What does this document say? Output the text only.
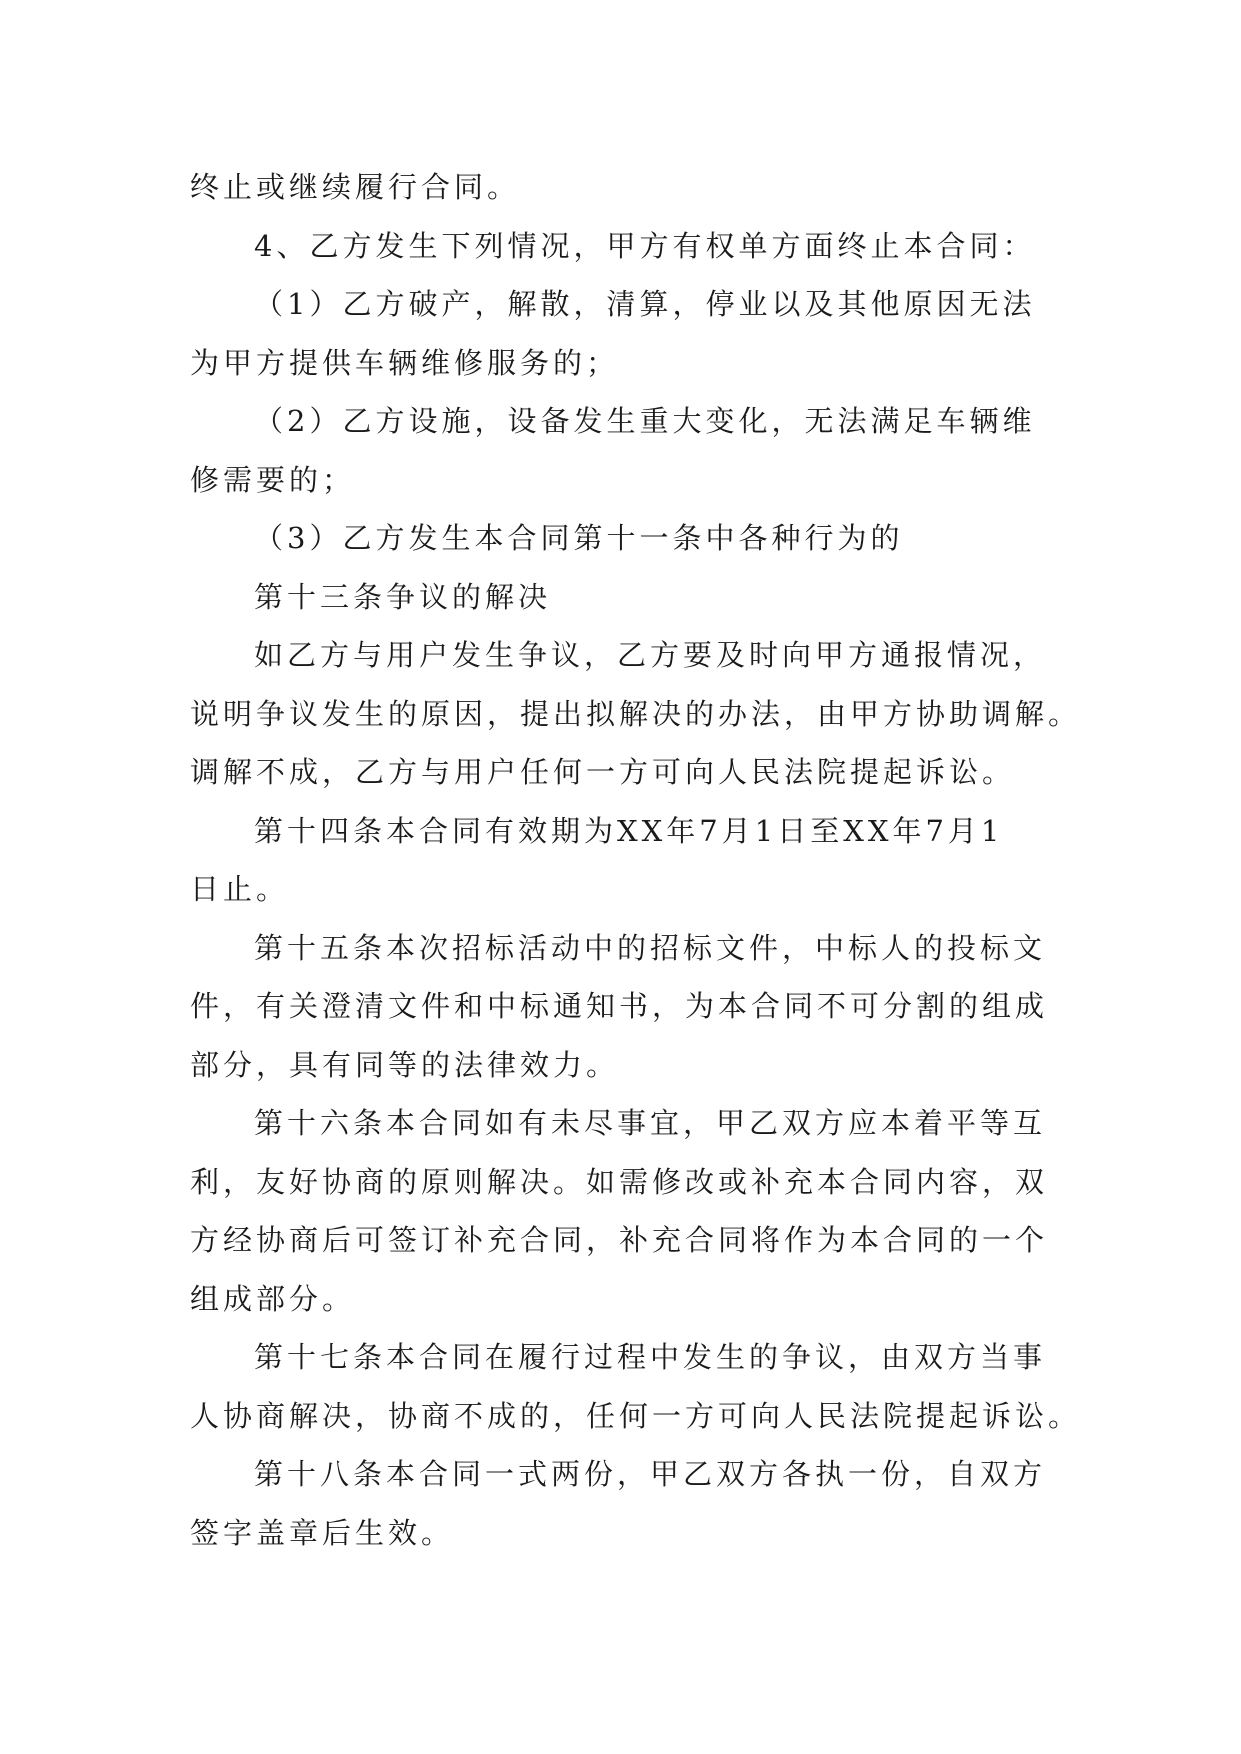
终止或继续履行合同。
4、乙方发生下列情况，甲方有权单方面终止本合同：
（1）乙方破产，解散，清算，停业以及其他原因无法
为甲方提供车辆维修服务的；
（2）乙方设施，设备发生重大变化，无法满足车辆维
修需要的；
（3）乙方发生本合同第十一条中各种行为的
第十三条争议的解决
如乙方与用户发生争议，乙方要及时向甲方通报情况，
说明争议发生的原因，提出拟解决的办法，由甲方协助调解。
调解不成，乙方与用户任何一方可向人民法院提起诉讼。
第十四条本合同有效期为XX年7月1日至XX年7月1
日止。
第十五条本次招标活动中的招标文件，中标人的投标文
件，有关澄清文件和中标通知书，为本合同不可分割的组成
部分，具有同等的法律效力。
第十六条本合同如有未尽事宜，甲乙双方应本着平等互
利，友好协商的原则解决。如需修改或补充本合同内容，双
方经协商后可签订补充合同，补充合同将作为本合同的一个
组成部分。
第十七条本合同在履行过程中发生的争议，由双方当事
人协商解决，协商不成的，任何一方可向人民法院提起诉讼。
第十八条本合同一式两份，甲乙双方各执一份，自双方
签字盖章后生效。
